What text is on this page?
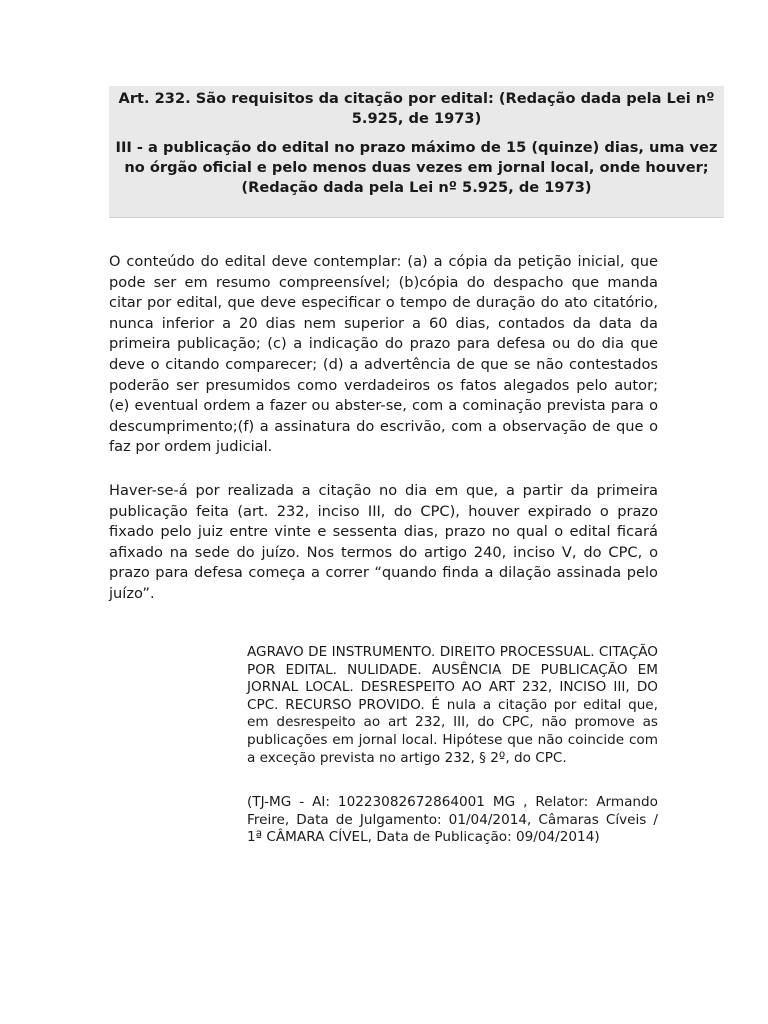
Art. 232. São requisitos da citação por edital: (Redação dada pela Lei nº 5.925, de 1973)

III - a publicação do edital no prazo máximo de 15 (quinze) dias, uma vez no órgão oficial e pelo menos duas vezes em jornal local, onde houver; (Redação dada pela Lei nº 5.925, de 1973)

O conteúdo do edital deve contemplar: (a) a cópia da petição inicial, que pode ser em resumo compreensível; (b)cópia do despacho que manda citar por edital, que deve especificar o tempo de duração do ato citatório, nunca inferior a 20 dias nem superior a 60 dias, contados da data da primeira publicação; (c) a indicação do prazo para defesa ou do dia que deve o citando comparecer; (d) a advertência de que se não contestados poderão ser presumidos como verdadeiros os fatos alegados pelo autor; (e) eventual ordem a fazer ou abster-se, com a cominação prevista para o descumprimento;(f) a assinatura do escrivão, com a observação de que o faz por ordem judicial.

Haver-se-á por realizada a citação no dia em que, a partir da primeira publicação feita (art. 232, inciso III, do CPC), houver expirado o prazo fixado pelo juiz entre vinte e sessenta dias, prazo no qual o edital ficará afixado na sede do juízo. Nos termos do artigo 240, inciso V, do CPC, o prazo para defesa começa a correr “quando finda a dilação assinada pelo juízo”.

AGRAVO DE INSTRUMENTO. DIREITO PROCESSUAL. CITAÇÃO POR EDITAL. NULIDADE. AUSÊNCIA DE PUBLICAÇÃO EM JORNAL LOCAL. DESRESPEITO AO ART 232, INCISO III, DO CPC. RECURSO PROVIDO. É nula a citação por edital que, em desrespeito ao art 232, III, do CPC, não promove as publicações em jornal local. Hipótese que não coincide com a exceção prevista no artigo 232, § 2º, do CPC.

(TJ-MG - AI: 10223082672864001 MG , Relator: Armando Freire, Data de Julgamento: 01/04/2014, Câmaras Cíveis / 1ª CÂMARA CÍVEL, Data de Publicação: 09/04/2014)
